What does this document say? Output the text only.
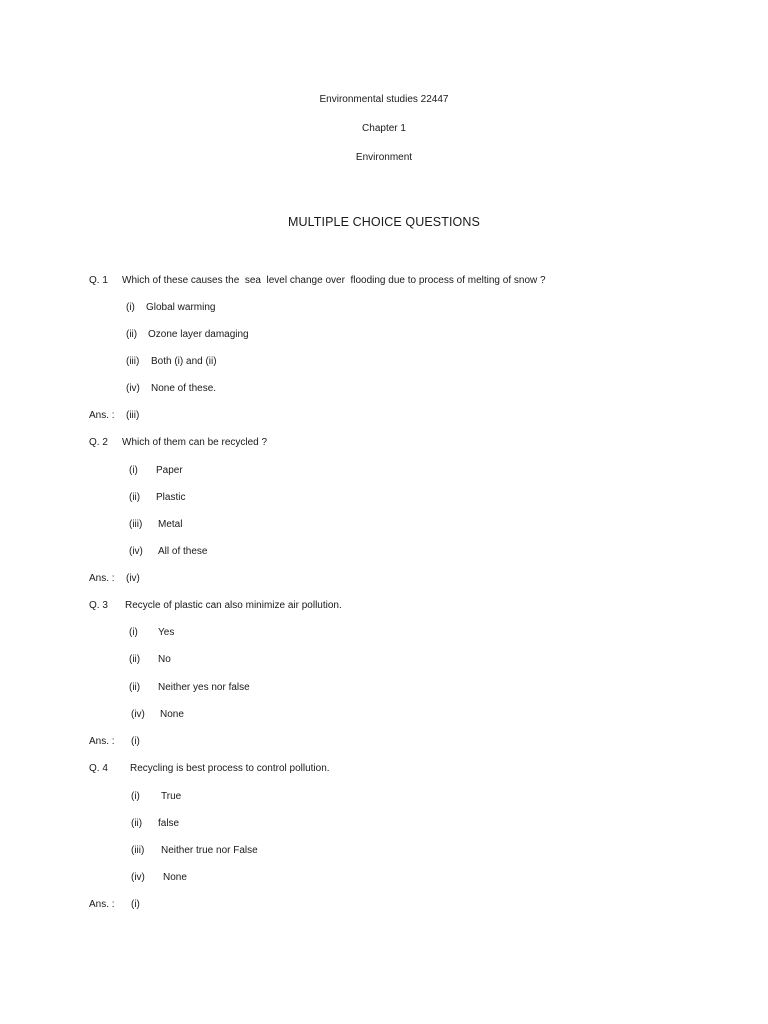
Environmental studies 22447
Chapter 1
Environment
MULTIPLE CHOICE QUESTIONS
Q. 1 Which of these causes the  sea  level change over  flooding due to process of melting of snow ?
(i) Global warming
(ii) Ozone layer damaging
(iii) Both (i) and (ii)
(iv) None of these.
Ans. : (iii)
Q. 2 Which of them can be recycled ?
(i) Paper
(ii) Plastic
(iii) Metal
(iv) All of these
Ans. : (iv)
Q. 3 Recycle of plastic can also minimize air pollution.
(i) Yes
(ii) No
(ii) Neither yes nor false
(iv) None
Ans. : (i)
Q. 4 Recycling is best process to control pollution.
(i) True
(ii) false
(iii) Neither true nor False
(iv) None
Ans. : (i)
